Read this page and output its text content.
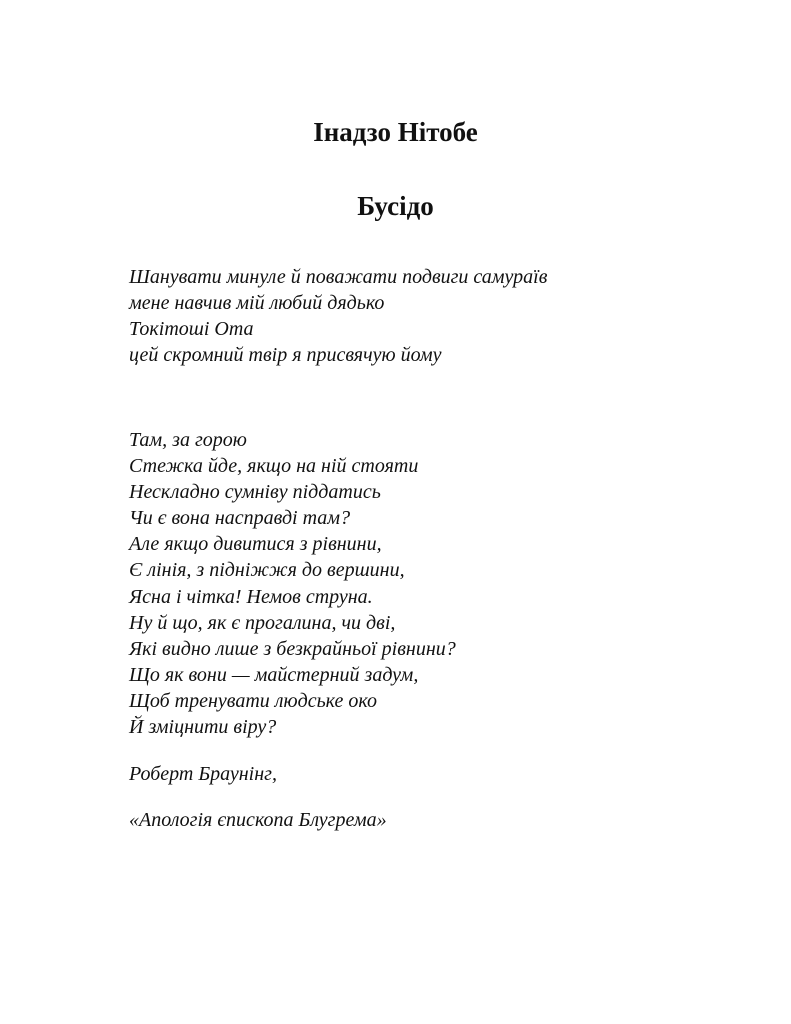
Інадзо Нітобе
Бусідо
Шанувати минуле й поважати подвиги самураїв
мене навчив мій любий дядько
Токітоші Ота
цей скромний твір я присвячую йому
Там, за горою
Стежка йде, якщо на ній стояти
Нескладно сумніву піддатись
Чи є вона насправді там?
Але якщо дивитися з рівнини,
Є лінія, з підніжжя до вершини,
Ясна і чітка! Немов струна.
Ну й що, як є прогалина, чи дві,
Які видно лише з безкрайньої рівнини?
Що як вони — майстерний задум,
Щоб тренувати людське око
Й зміцнити віру?
Роберт Браунінг,
«Апологія єпископа Блугрема»
